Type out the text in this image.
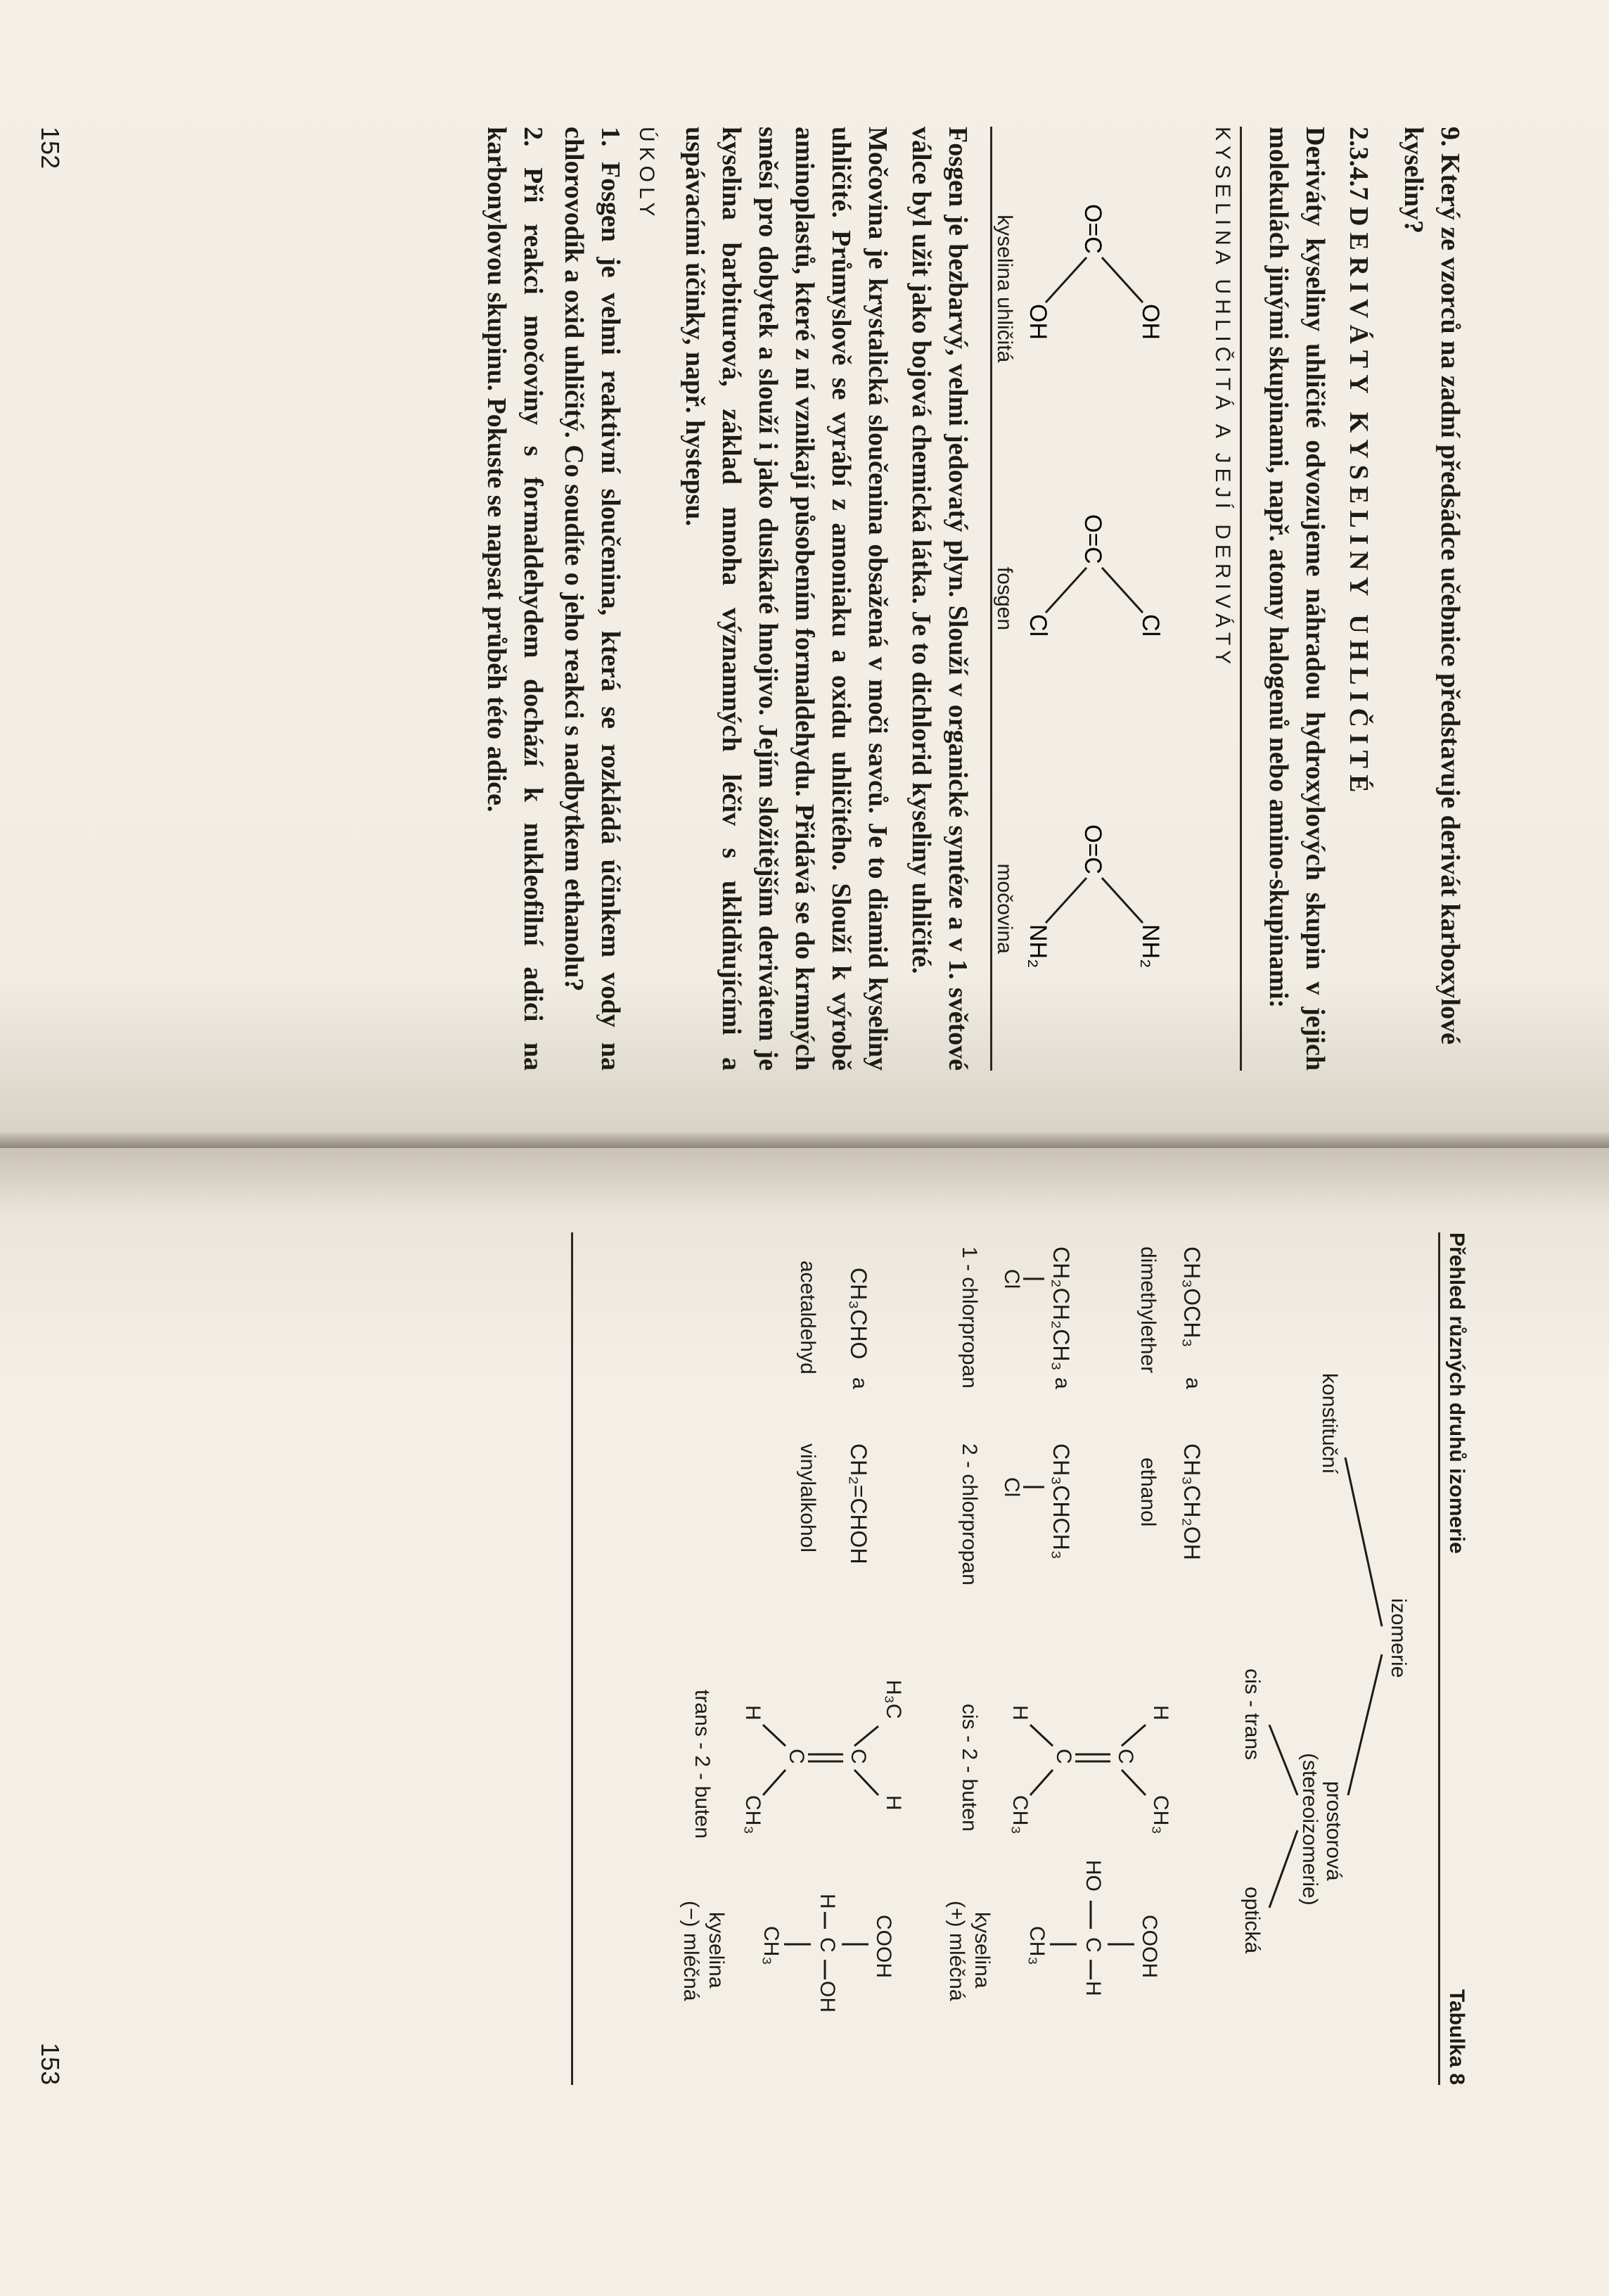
9. Který ze vzorců na zadní předsádce učebnice představuje derivát karboxylové kyseliny?

2.3.4.7 DERIVÁTY KYSELINY UHLIČITÉ

Deriváty kyseliny uhličité odvozujeme náhradou hydroxylových skupin v jejich molekulách jinými skupinami, např. atomy halogenů nebo amino-skupinami:

KYSELINA UHLIČITÁ A JEJÍ DERIVÁTY
O=C
OH
OH
kyselina uhličitá
O=C
Cl
Cl
fosgen
O=C
NH₂
NH₂
močovina

Fosgen je bezbarvý, velmi jedovatý plyn. Slouží v organické syntéze a v 1. světové válce byl užit jako bojová chemická látka. Je to dichlorid kyseliny uhličité.

Močovina je krystalická sloučenina obsažená v moči savců. Je to diamid kyseliny uhličité. Průmyslově se vyrábí z amoniaku a oxidu uhličitého. Slouží k výrobě aminoplastů, které z ní vznikají působením formaldehydu. Přidává se do krmných směsí pro dobytek a slouží i jako dusíkaté hnojivo. Jejím složitějším derivátem je kyselina barbiturová, základ mnoha významných léčiv s uklidňujícími a uspávacími účinky, např. hystepsu.

ÚKOLY

1. Fosgen je velmi reaktivní sloučenina, která se rozkládá účinkem vody na chlorovodík a oxid uhličitý. Co soudíte o jeho reakci s nadbytkem ethanolu?

2. Při reakci močoviny s formaldehydem dochází k nukleofilní adici na karbonylovou skupinu. Pokuste se napsat průběh této adice.

152
Přehled různých druhů izomerie
Tabulka 8
izomerie
konstituční
prostorová
(stereoizomerie)
cis - trans
optická
CH₃OCH₃
a
CH₃CH₂OH
dimethylether
ethanol
CH₂CH₂CH₃
a
CH₃CHCH₃
Cl
Cl
1 - chlorpropan
2 - chlorpropan
CH₃CHO
a
CH₂=CHOH
acetaldehyd
vinylalkohol
H
CH₃
C
C
H
CH₃
cis - 2 - buten
H₃C
H
C
C
H
CH₃
trans - 2 - buten
COOH
HO
C
H
CH₃
kyselina
(+) mléčná
COOH
H
C
OH
CH₃
kyselina
(−) mléčná
153
